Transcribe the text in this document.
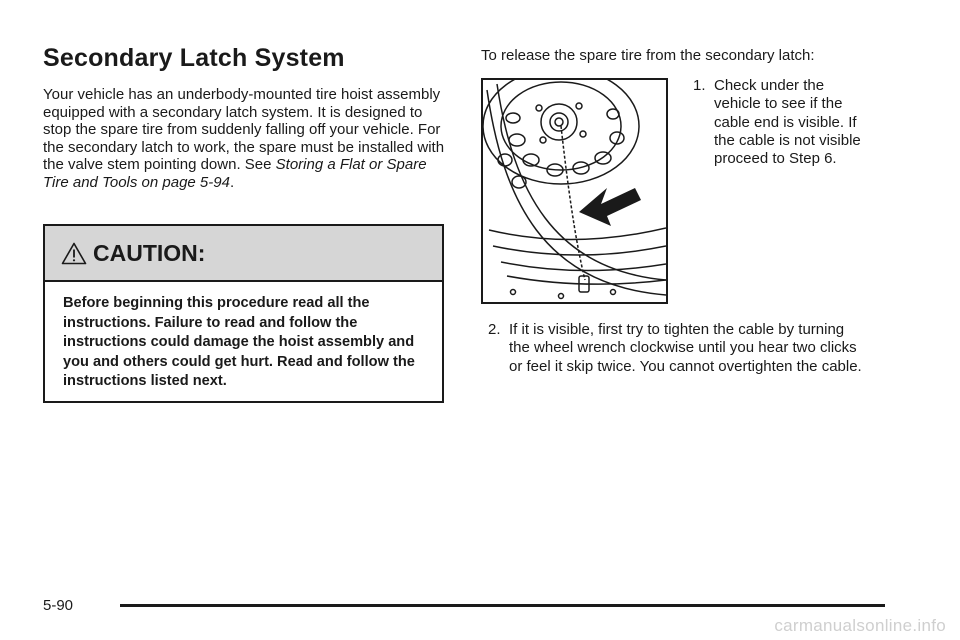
Secondary Latch System

Your vehicle has an underbody-mounted tire hoist assembly equipped with a secondary latch system. It is designed to stop the spare tire from suddenly falling off your vehicle. For the secondary latch to work, the spare must be installed with the valve stem pointing down. See Storing a Flat or Spare Tire and Tools on page 5-94.

CAUTION:
Before beginning this procedure read all the instructions. Failure to read and follow the instructions could damage the hoist assembly and you and others could get hurt. Read and follow the instructions listed next.
To release the spare tire from the secondary latch:
1. Check under the vehicle to see if the cable end is visible. If the cable is not visible proceed to Step 6.
2. If it is visible, first try to tighten the cable by turning the wheel wrench clockwise until you hear two clicks or feel it skip twice. You cannot overtighten the cable.
5-90
carmanualsonline.info
